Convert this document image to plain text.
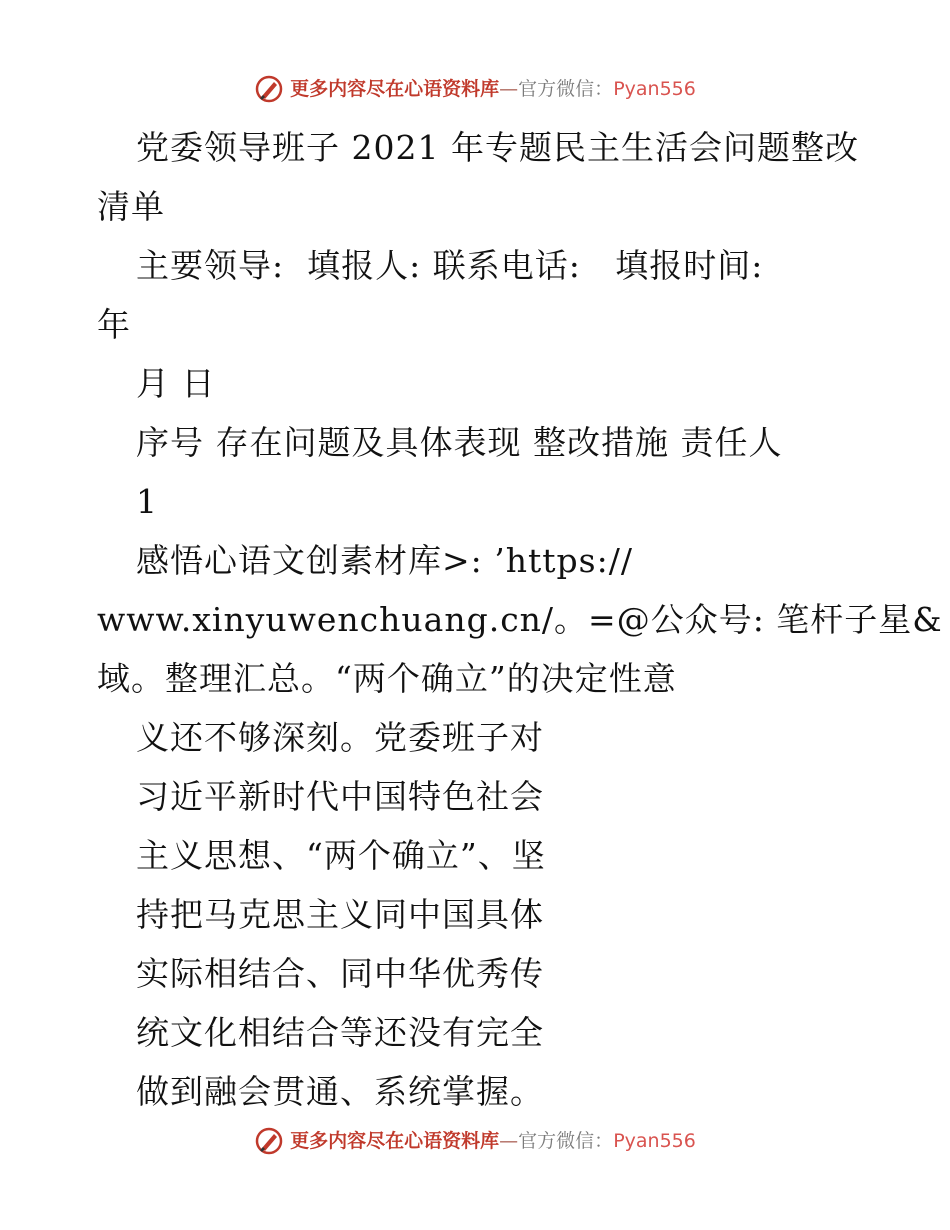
更多内容尽在心语资料库 — 官方微信： Pyan556
党委领导班子 2021 年专题民主生活会问题整改
清单
主要领导:  填报人: 联系电话:   填报时间:
年
月 日
序号 存在问题及具体表现 整改措施 责任人
1
感悟心语文创素材库>: ’https://
www.xinyuwenchuang.cn/。=@公众号: 笔杆子星&
域。整理汇总。“两个确立”的决定性意
义还不够深刻。党委班子对
习近平新时代中国特色社会
主义思想、“两个确立”、坚
持把马克思主义同中国具体
实际相结合、同中华优秀传
统文化相结合等还没有完全
做到融会贯通、系统掌握。
更多内容尽在心语资料库 — 官方微信： Pyan556
